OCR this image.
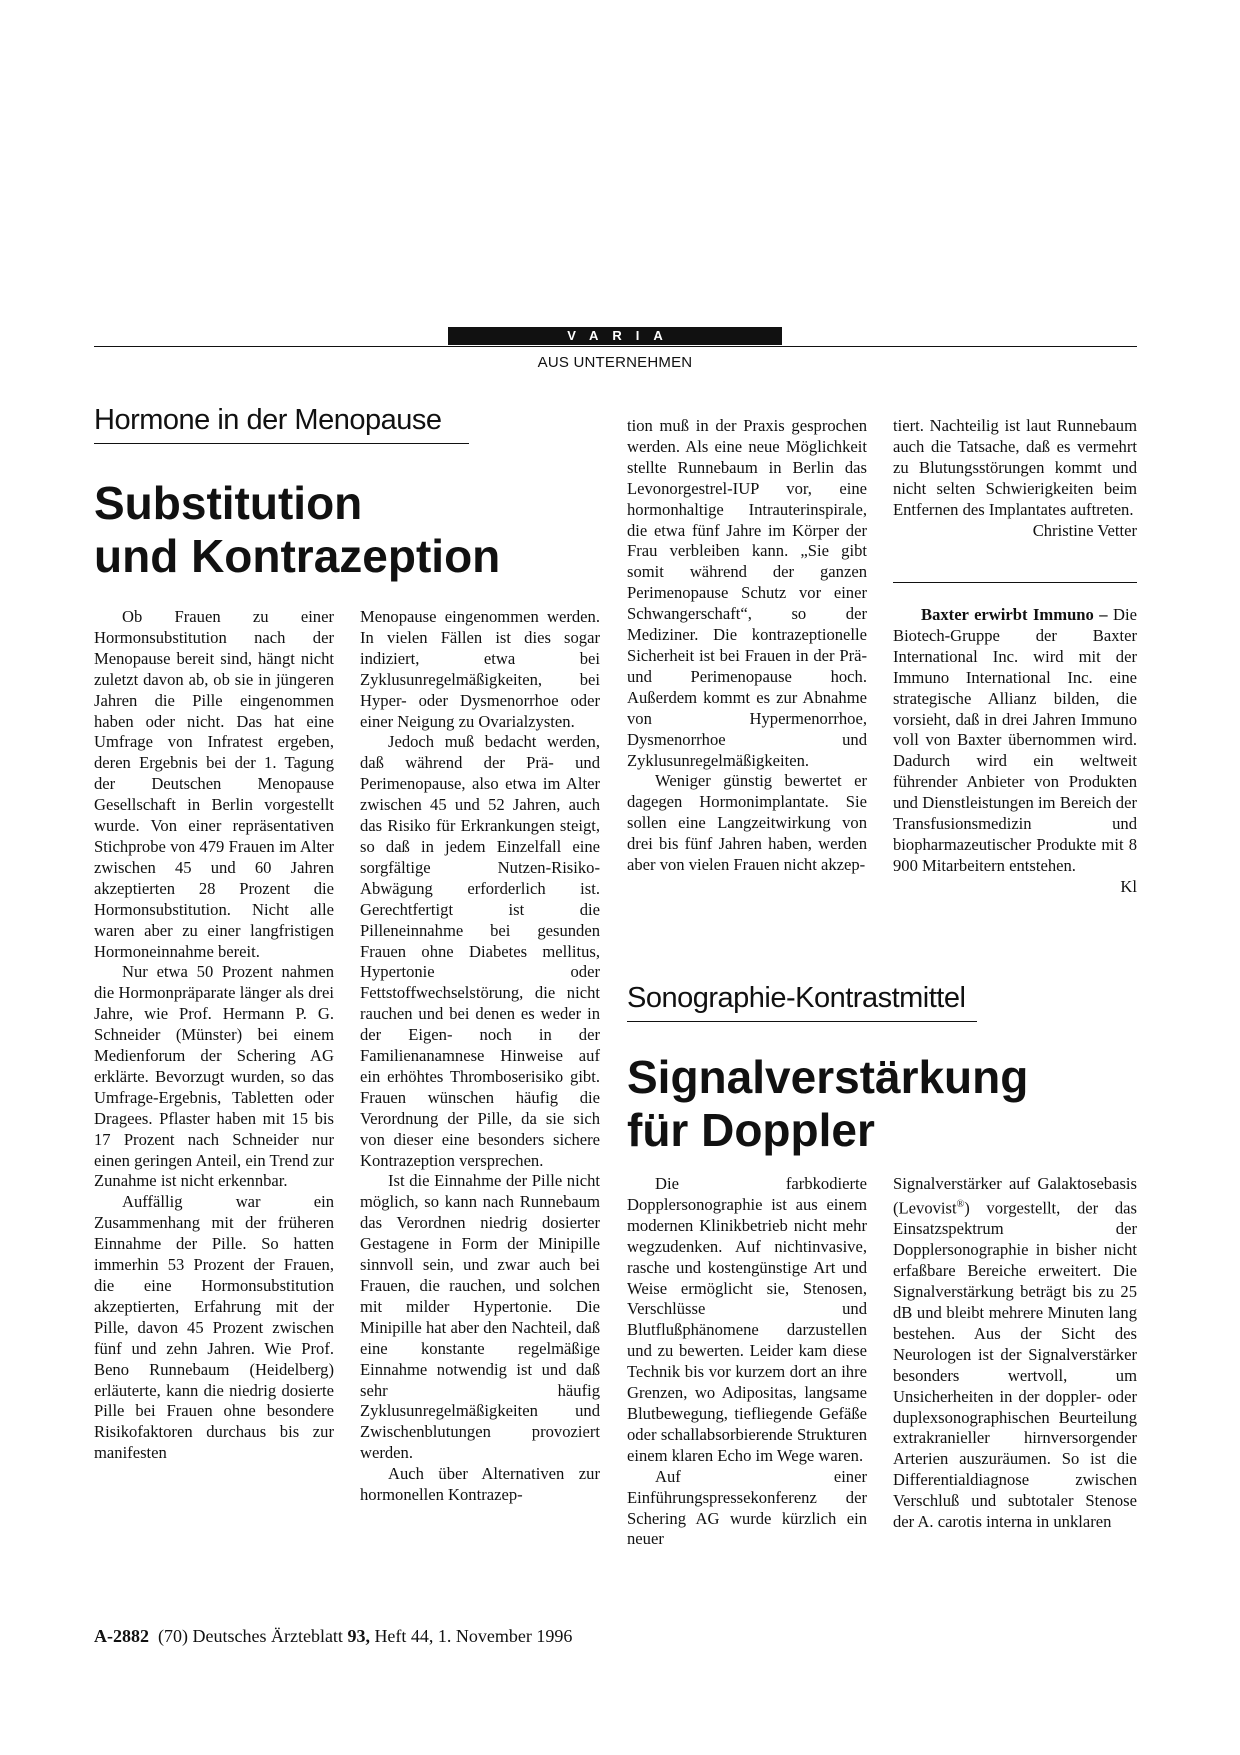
VARIA
AUS UNTERNEHMEN
Hormone in der Menopause
Substitution
und Kontrazeption

Ob Frauen zu einer Hormonsubstitution nach der Menopause bereit sind, hängt nicht zuletzt davon ab, ob sie in jüngeren Jahren die Pille eingenommen haben oder nicht. Das hat eine Umfrage von Infratest ergeben, deren Ergebnis bei der 1. Tagung der Deutschen Menopause Gesellschaft in Berlin vorgestellt wurde. Von einer repräsentativen Stichprobe von 479 Frauen im Alter zwischen 45 und 60 Jahren akzeptierten 28 Prozent die Hormonsubstitution. Nicht alle waren aber zu einer langfristigen Hormoneinnahme bereit.

Nur etwa 50 Prozent nahmen die Hormonpräparate länger als drei Jahre, wie Prof. Hermann P. G. Schneider (Münster) bei einem Medienforum der Schering AG erklärte. Bevorzugt wurden, so das Umfrage-Ergebnis, Tabletten oder Dragees. Pflaster haben mit 15 bis 17 Prozent nach Schneider nur einen geringen Anteil, ein Trend zur Zunahme ist nicht erkennbar.

Auffällig war ein Zusammenhang mit der früheren Einnahme der Pille. So hatten immerhin 53 Prozent der Frauen, die eine Hormonsubstitution akzeptierten, Erfahrung mit der Pille, davon 45 Prozent zwischen fünf und zehn Jahren. Wie Prof. Beno Runnebaum (Heidelberg) erläuterte, kann die niedrig dosierte Pille bei Frauen ohne besondere Risikofaktoren durchaus bis zur manifesten

Menopause eingenommen werden. In vielen Fällen ist dies sogar indiziert, etwa bei Zyklusunregelmäßigkeiten, bei Hyper- oder Dysmenorrhoe oder einer Neigung zu Ovarialzysten.

Jedoch muß bedacht werden, daß während der Prä- und Perimenopause, also etwa im Alter zwischen 45 und 52 Jahren, auch das Risiko für Erkrankungen steigt, so daß in jedem Einzelfall eine sorgfältige Nutzen-Risiko-Abwägung erforderlich ist. Gerechtfertigt ist die Pilleneinnahme bei gesunden Frauen ohne Diabetes mellitus, Hypertonie oder Fettstoffwechselstörung, die nicht rauchen und bei denen es weder in der Eigen- noch in der Familienanamnese Hinweise auf ein erhöhtes Thromboserisiko gibt. Frauen wünschen häufig die Verordnung der Pille, da sie sich von dieser eine besonders sichere Kontrazeption versprechen.

Ist die Einnahme der Pille nicht möglich, so kann nach Runnebaum das Verordnen niedrig dosierter Gestagene in Form der Minipille sinnvoll sein, und zwar auch bei Frauen, die rauchen, und solchen mit milder Hypertonie. Die Minipille hat aber den Nachteil, daß eine konstante regelmäßige Einnahme notwendig ist und daß sehr häufig Zyklusunregelmäßigkeiten und Zwischenblutungen provoziert werden.

Auch über Alternativen zur hormonellen Kontrazep-

tion muß in der Praxis gesprochen werden. Als eine neue Möglichkeit stellte Runnebaum in Berlin das Levonorgestrel-IUP vor, eine hormonhaltige Intrauterinspirale, die etwa fünf Jahre im Körper der Frau verbleiben kann. „Sie gibt somit während der ganzen Perimenopause Schutz vor einer Schwangerschaft“, so der Mediziner. Die kontrazeptionelle Sicherheit ist bei Frauen in der Prä- und Perimenopause hoch. Außerdem kommt es zur Abnahme von Hypermenorrhoe, Dysmenorrhoe und Zyklusunregelmäßigkeiten.

Weniger günstig bewertet er dagegen Hormonimplantate. Sie sollen eine Langzeitwirkung von drei bis fünf Jahren haben, werden aber von vielen Frauen nicht akzep-

tiert. Nachteilig ist laut Runnebaum auch die Tatsache, daß es vermehrt zu Blutungsstörungen kommt und nicht selten Schwierigkeiten beim Entfernen des Implantates auftreten.
Christine Vetter

Baxter erwirbt Immuno – Die Biotech-Gruppe der Baxter International Inc. wird mit der Immuno International Inc. eine strategische Allianz bilden, die vorsieht, daß in drei Jahren Immuno voll von Baxter übernommen wird. Dadurch wird ein weltweit führender Anbieter von Produkten und Dienstleistungen im Bereich der Transfusionsmedizin und biopharmazeutischer Produkte mit 8 900 Mitarbeitern entstehen.
Kl

Sonographie-Kontrastmittel
Signalverstärkung
für Doppler

Die farbkodierte Dopplersonographie ist aus einem modernen Klinikbetrieb nicht mehr wegzudenken. Auf nichtinvasive, rasche und kostengünstige Art und Weise ermöglicht sie, Stenosen, Verschlüsse und Blutflußphänomene darzustellen und zu bewerten. Leider kam diese Technik bis vor kurzem dort an ihre Grenzen, wo Adipositas, langsame Blutbewegung, tiefliegende Gefäße oder schallabsorbierende Strukturen einem klaren Echo im Wege waren.

Auf einer Einführungspressekonferenz der Schering AG wurde kürzlich ein neuer

Signalverstärker auf Galaktosebasis (Levovist®) vorgestellt, der das Einsatzspektrum der Dopplersonographie in bisher nicht erfaßbare Bereiche erweitert. Die Signalverstärkung beträgt bis zu 25 dB und bleibt mehrere Minuten lang bestehen. Aus der Sicht des Neurologen ist der Signalverstärker besonders wertvoll, um Unsicherheiten in der doppler- oder duplexsonographischen Beurteilung extrakranieller hirnversorgender Arterien auszuräumen. So ist die Differentialdiagnose zwischen Verschluß und subtotaler Stenose der A. carotis interna in unklaren

A-2882 (70) Deutsches Ärzteblatt 93, Heft 44, 1. November 1996
